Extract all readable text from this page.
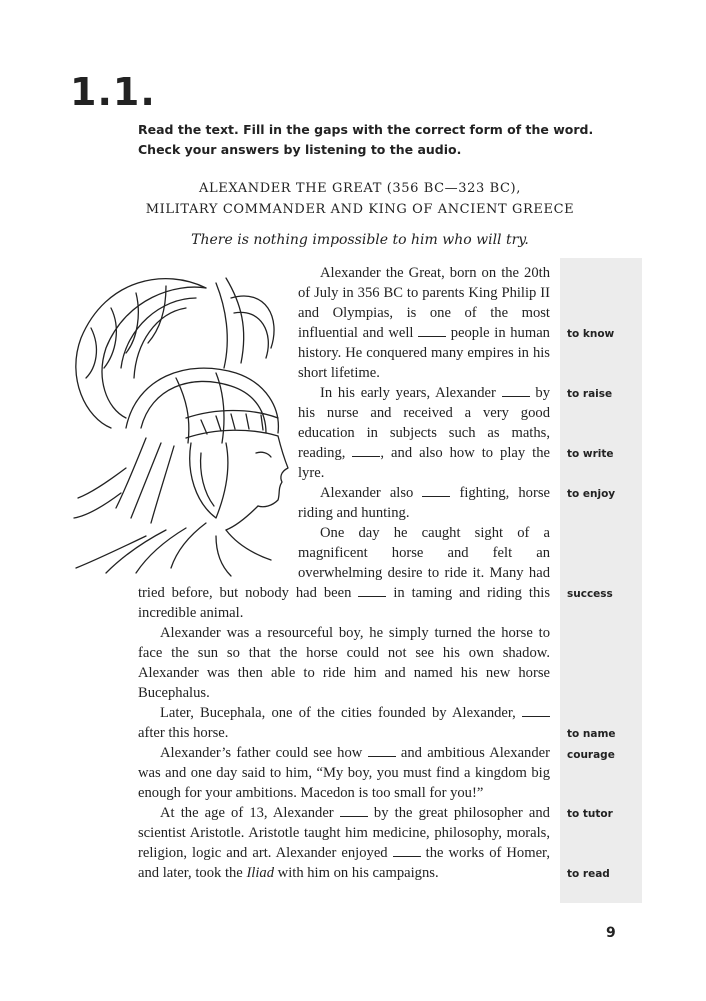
1.1.
Read the text. Fill in the gaps with the correct form of the word. Check your answers by listening to the audio.
ALEXANDER THE GREAT (356 BC—323 BC),
MILITARY COMMANDER AND KING OF ANCIENT GREECE
There is nothing impossible to him who will try.
to know
to raise
to write
to enjoy
success
to name
courage
to tutor
to read

Alexander the Great, born on the 20th of July in 356 BC to parents King Philip II and Olympias, is one of the most influential and well	people in human history. He conquered many empires in his short lifetime.

In his early years, Alexander	by his nurse and received a very good education in subjects such as maths, reading, , and also how to play the lyre.

Alexander also	fighting, horse riding and hunting.

One day he caught sight of a magnificent horse and felt an overwhelming desire to ride it. Many had tried before, but nobody had been	in taming and riding this incredible animal.

Alexander was a resourceful boy, he simply turned the horse to face the sun so that the horse could not see his own shadow. Alexander was then able to ride him and named his new horse Bucephalus.

Later, Bucephala, one of the cities founded by Alexander,  after this horse.

Alexander’s father could see how	and ambitious Alexander was and one day said to him, “My boy, you must find a kingdom big enough for your ambitions. Macedon is too small for you!”

At the age of 13, Alexander	by the great philosopher and scientist Aristotle. Aristotle taught him medicine, philosophy, morals, religion, logic and art. Alexander enjoyed	the works of Homer, and later, took the Iliad with him on his campaigns.

9
